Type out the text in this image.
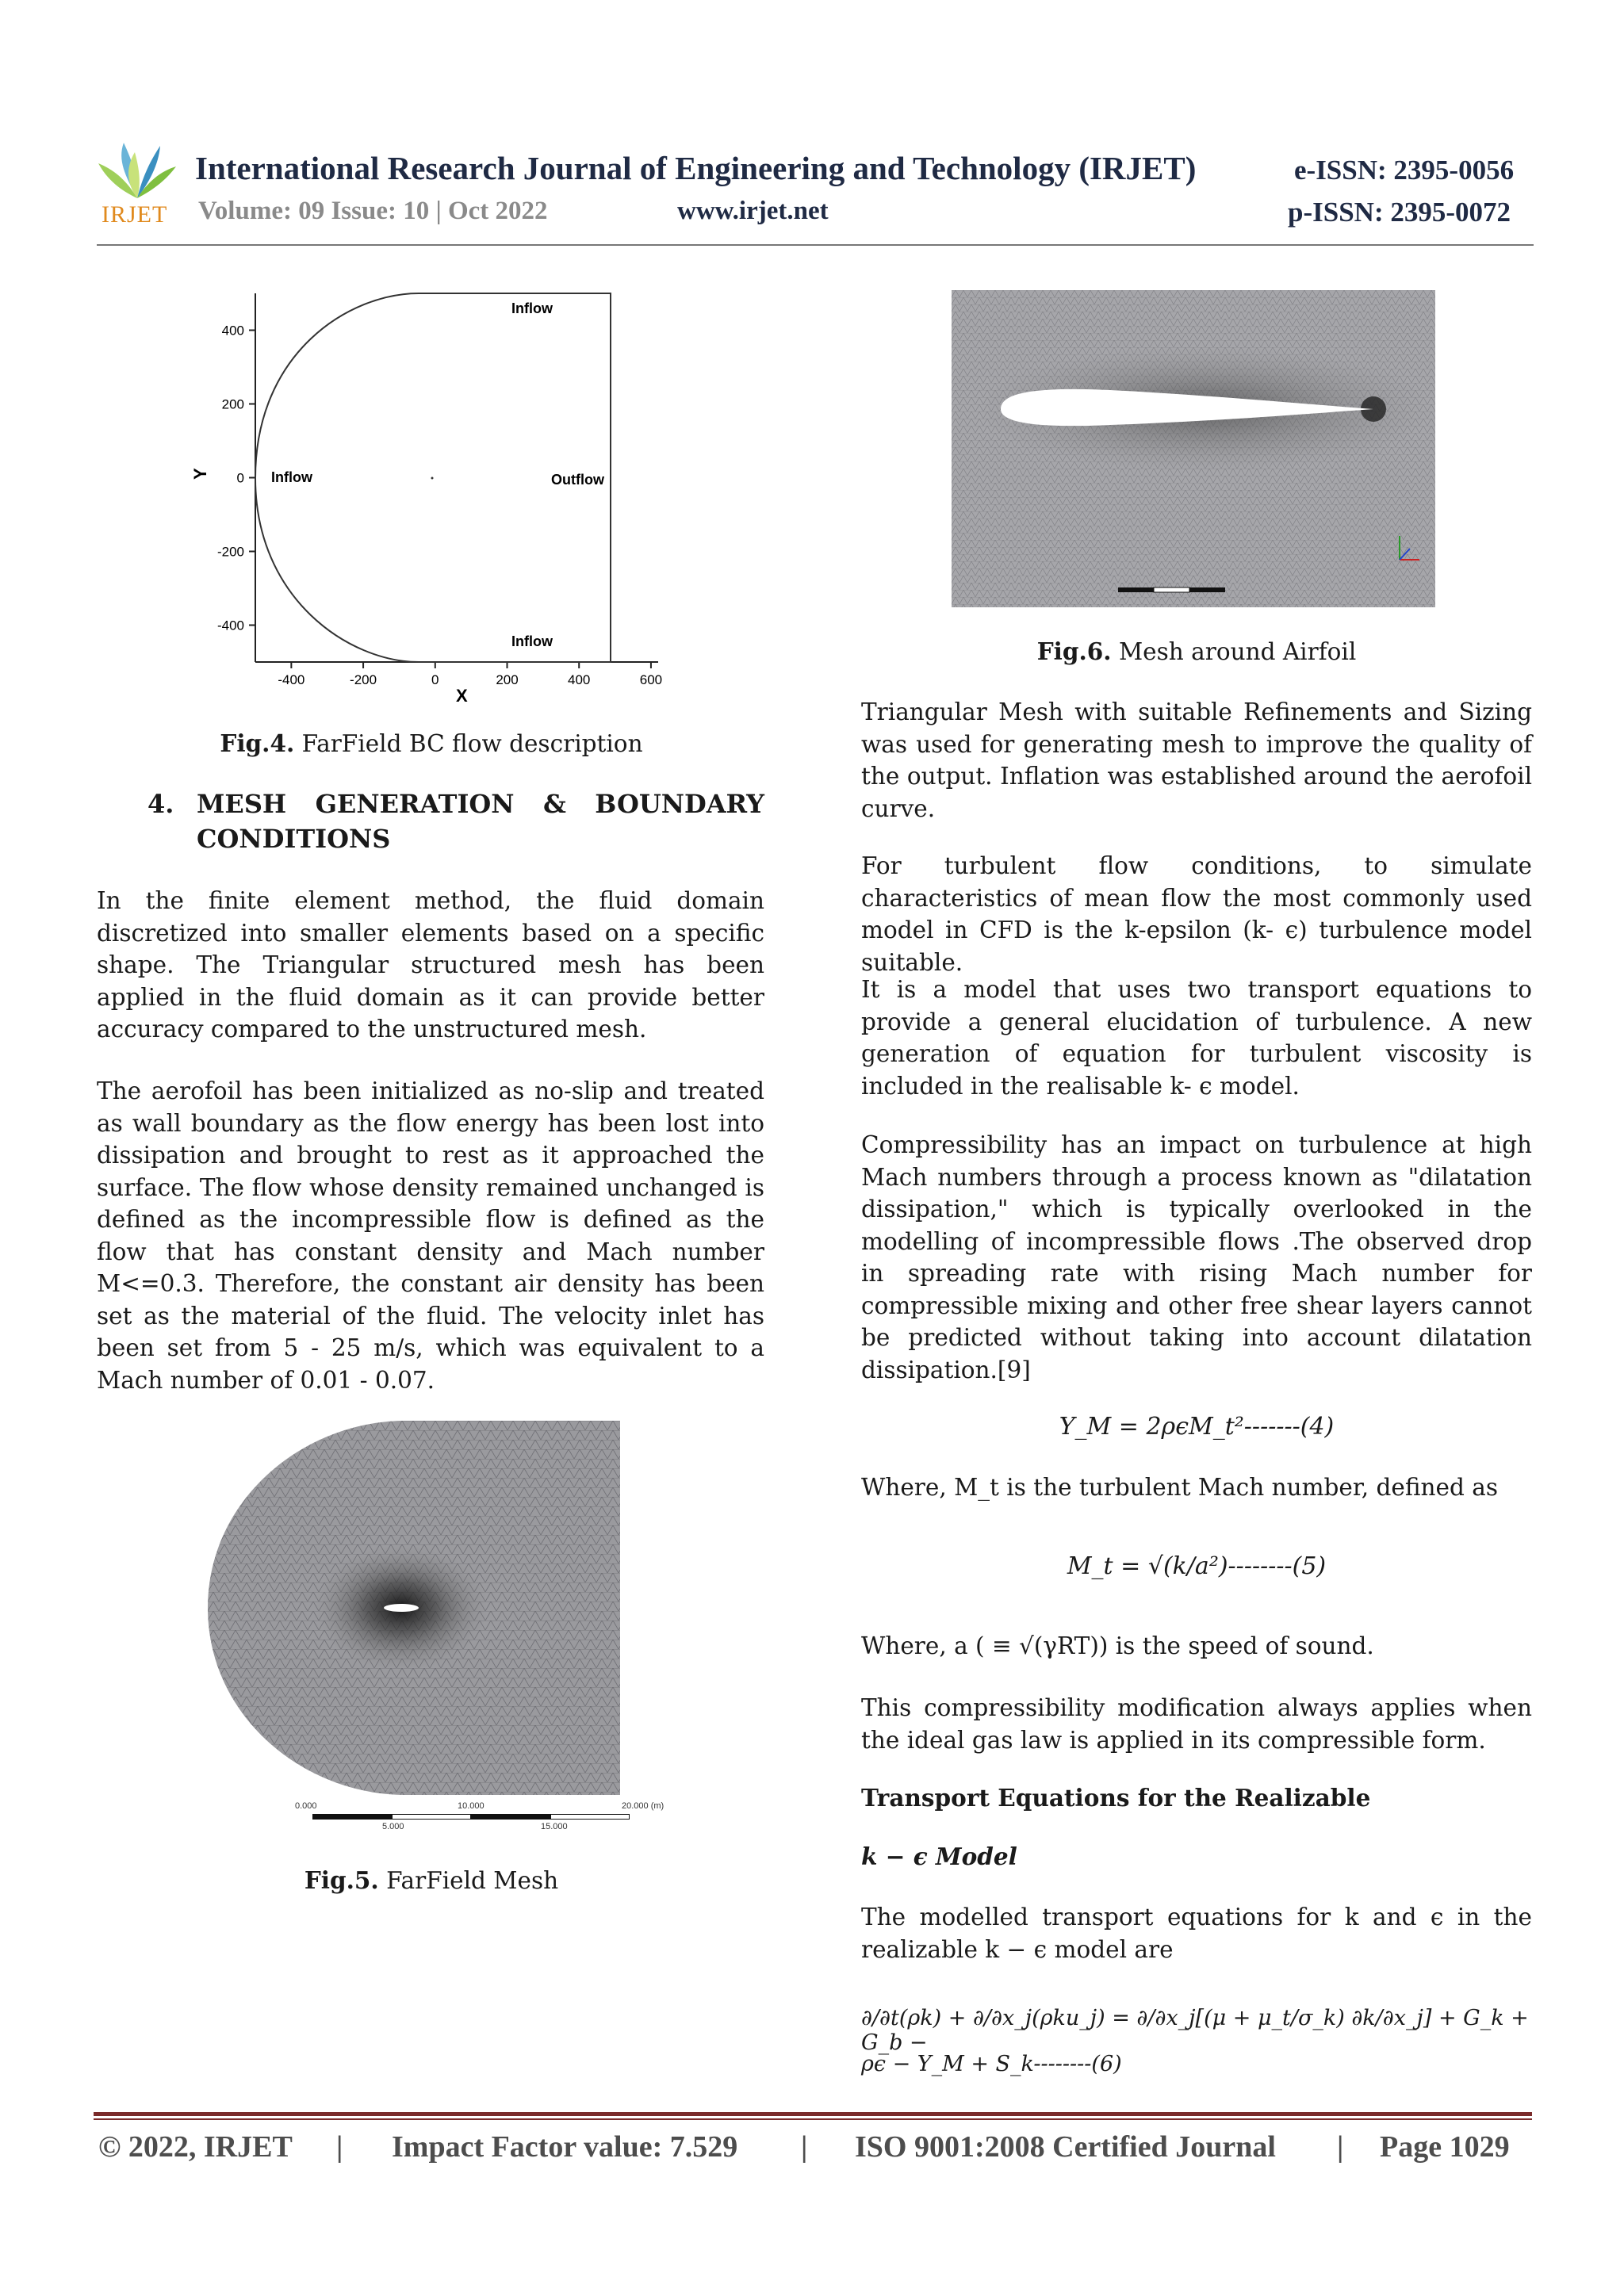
IRJET
International Research Journal of Engineering and Technology (IRJET)	e-ISSN: 2395-0056
Volume: 09 Issue: 10 | Oct 2022	www.irjet.net	p-ISSN: 2395-0072
400
200
0
-200
-400
-400	-200	0	200	400	600
Inflow
Inflow	Outflow
Inflow
X
Y
Fig.4. FarField BC flow description
4. MESH GENERATION & BOUNDARY
CONDITIONS
In the finite element method, the fluid domain discretized into smaller elements based on a specific shape. The Triangular structured mesh has been applied in the fluid domain as it can provide better accuracy compared to the unstructured mesh.
The aerofoil has been initialized as no-slip and treated as wall boundary as the flow energy has been lost into dissipation and brought to rest as it approached the surface. The flow whose density remained unchanged is defined as the incompressible flow is defined as the flow that has constant density and Mach number M<=0.3. Therefore, the constant air density has been set as the material of the fluid. The velocity inlet has been set from 5 - 25 m/s, which was equivalent to a Mach number of 0.01 - 0.07.
0.000	10.000	20.000 (m)
5.000	15.000
Fig.5. FarField Mesh
Fig.6. Mesh around Airfoil
Triangular Mesh with suitable Refinements and Sizing was used for generating mesh to improve the quality of the output. Inflation was established around the aerofoil curve.
For turbulent flow conditions, to simulate characteristics of mean flow the most commonly used model in CFD is the k-epsilon (k- ϵ) turbulence model suitable.
It is a model that uses two transport equations to provide a general elucidation of turbulence. A new generation of equation for turbulent viscosity is included in the realisable k- ϵ model.
Compressibility has an impact on turbulence at high Mach numbers through a process known as "dilatation dissipation," which is typically overlooked in the modelling of incompressible flows .The observed drop in spreading rate with rising Mach number for compressible mixing and other free shear layers cannot be predicted without taking into account dilatation dissipation.[9]
Y_M = 2ρϵM_t²-------(4)
Where, M_t is the turbulent Mach number, defined as
M_t = √(k/a²)--------(5)
Where, a ( ≡ √(γRT)) is the speed of sound.
This compressibility modification always applies when the ideal gas law is applied in its compressible form.
Transport Equations for the Realizable
k − ϵ Model
The modelled transport equations for k and ϵ in the realizable k − ϵ model are
∂/∂t(ρk) + ∂/∂x_j(ρku_j) = ∂/∂x_j[(μ + μ_t/σ_k) ∂k/∂x_j] + G_k + G_b −
ρϵ − Y_M + S_k--------(6)
© 2022, IRJET | Impact Factor value: 7.529 | ISO 9001:2008 Certified Journal | Page 1029
